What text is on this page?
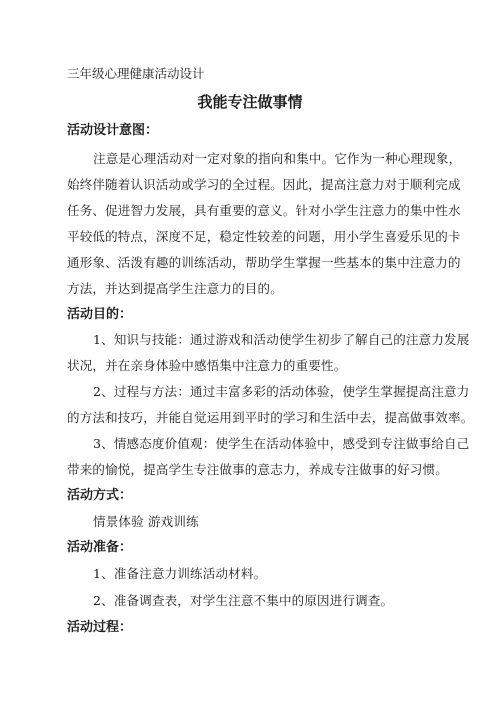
三年级心理健康活动设计
我能专注做事情
活动设计意图：
注意是心理活动对一定对象的指向和集中。它作为一种心理现象，
始终伴随着认识活动或学习的全过程。因此，提高注意力对于顺利完成
任务、促进智力发展，具有重要的意义。针对小学生注意力的集中性水
平较低的特点，深度不足，稳定性较差的问题，用小学生喜爱乐见的卡
通形象、活泼有趣的训练活动，帮助学生掌握一些基本的集中注意力的
方法，并达到提高学生注意力的目的。
活动目的：
1、知识与技能：通过游戏和活动使学生初步了解自己的注意力发展
状况，并在亲身体验中感悟集中注意力的重要性。
2、过程与方法：通过丰富多彩的活动体验，使学生掌握提高注意力
的方法和技巧，并能自觉运用到平时的学习和生活中去，提高做事效率。
3、情感态度价值观：使学生在活动体验中，感受到专注做事给自己
带来的愉悦，提高学生专注做事的意志力，养成专注做事的好习惯。
活动方式：
情景体验 游戏训练
活动准备：
1、准备注意力训练活动材料。
2、准备调查表，对学生注意不集中的原因进行调查。
活动过程：
